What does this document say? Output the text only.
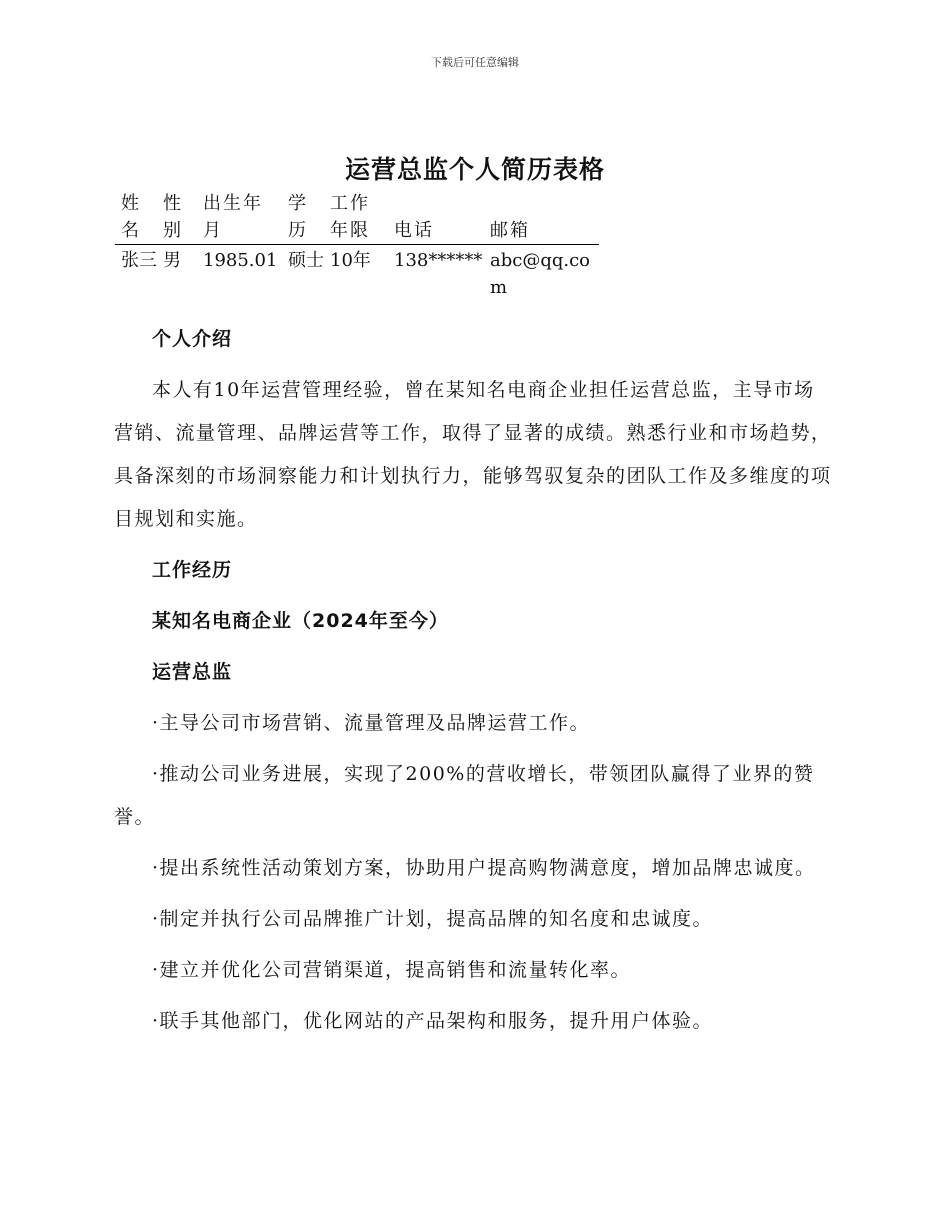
下载后可任意编辑
运营总监个人简历表格
姓名	性别	出生年月	学历	工作年限	电话	邮箱
张三	男	1985.01	硕士	10年	138******	abc@qq.com

个人介绍

本人有10年运营管理经验，曾在某知名电商企业担任运营总监，主导市场营销、流量管理、品牌运营等工作，取得了显著的成绩。熟悉行业和市场趋势，具备深刻的市场洞察能力和计划执行力，能够驾驭复杂的团队工作及多维度的项目规划和实施。

工作经历

某知名电商企业（2024年至今）

运营总监

·主导公司市场营销、流量管理及品牌运营工作。

·推动公司业务进展，实现了200%的营收增长，带领团队赢得了业界的赞誉。

·提出系统性活动策划方案，协助用户提高购物满意度，增加品牌忠诚度。

·制定并执行公司品牌推广计划，提高品牌的知名度和忠诚度。

·建立并优化公司营销渠道，提高销售和流量转化率。

·联手其他部门，优化网站的产品架构和服务，提升用户体验。
